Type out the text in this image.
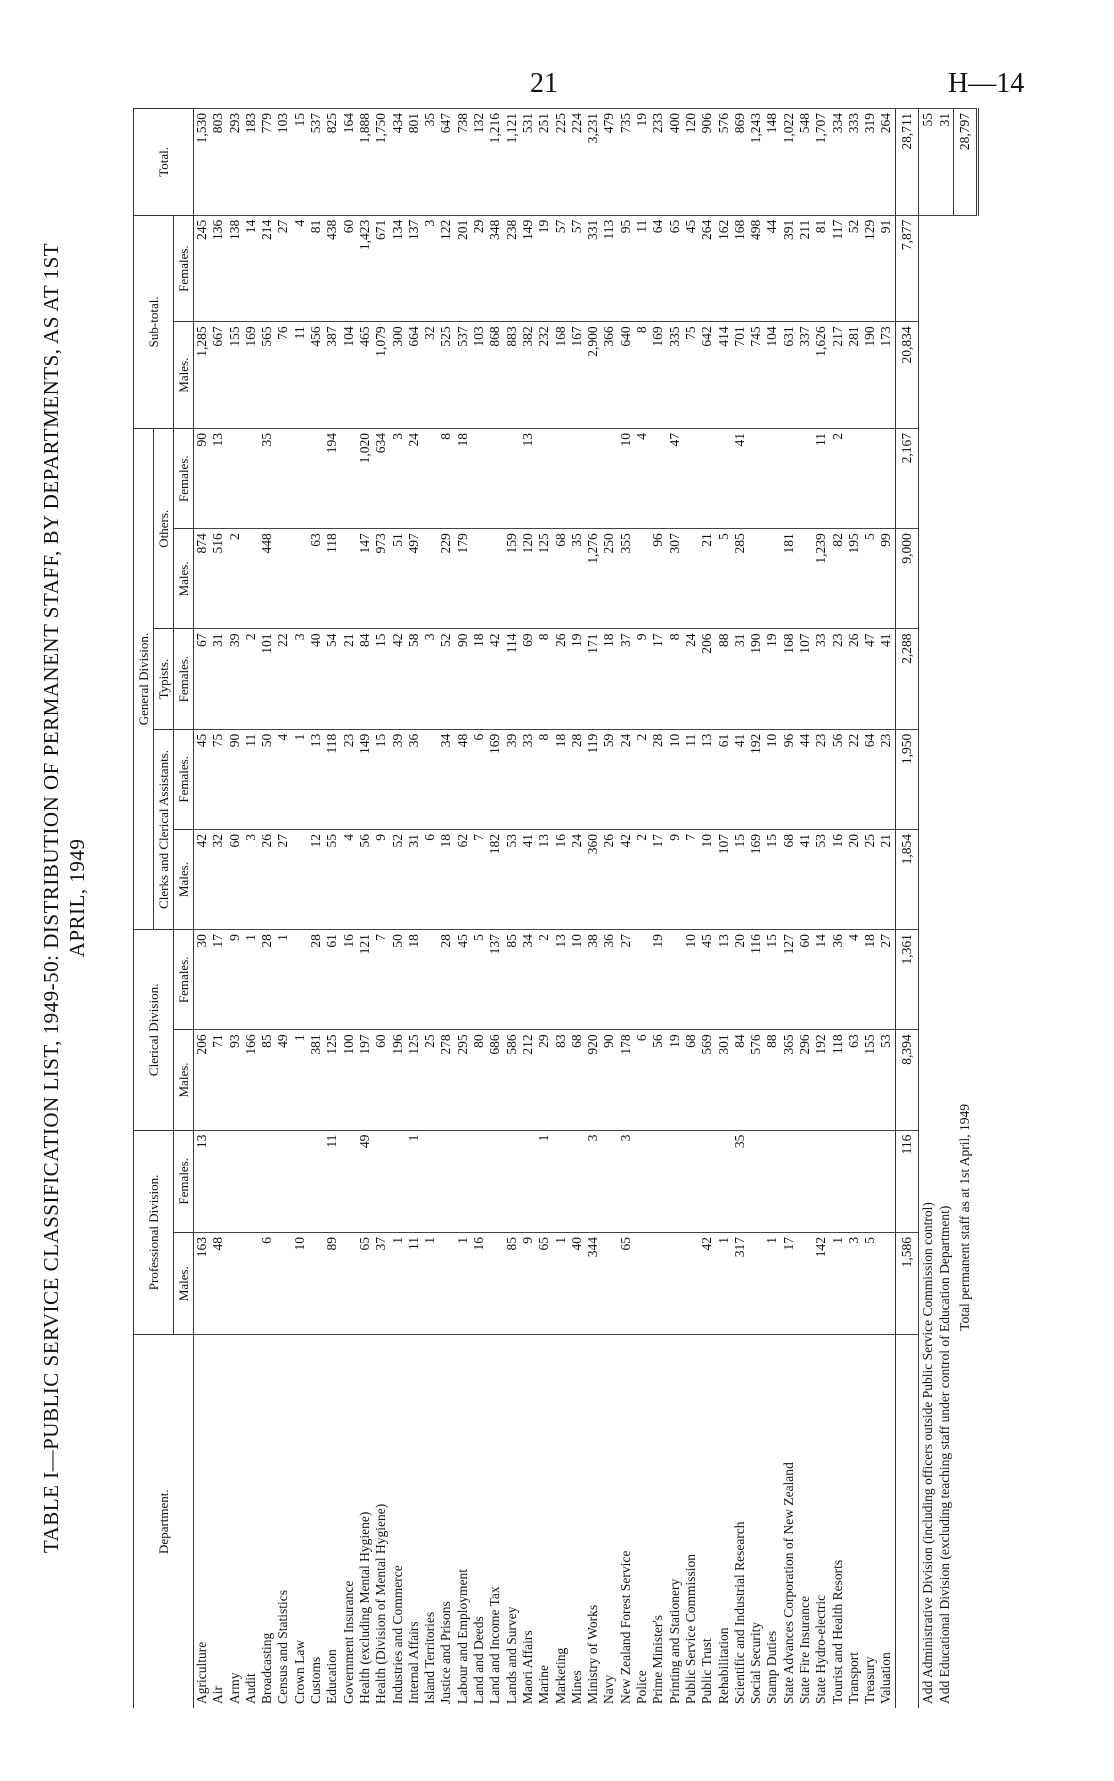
21	H—14
TABLE I—PUBLIC SERVICE CLASSIFICATION LIST, 1949-50: DISTRIBUTION OF PERMANENT STAFF, BY DEPARTMENTS, AS AT 1ST APRIL, 1949
Department.	Professional Division.		Clerical Division.		General Division.					Sub-total.		Total.
					Clerks and Clerical Assistants.		Typists.	Others.				
	Males.	Females.	Males.	Females.	Males.	Females.	Females.	Males.	Females.	Males.	Females.	
Agriculture	163	13	206	30	42	45	67	874	90	1,285	245	1,530
Air	48		71	17	32	75	31	516	13	667	136	803
Army			93	9	60	90	39	2		155	138	293
Audit			166	1	3	11	2			169	14	183
Broadcasting	6		85	28	26	50	101	448	35	565	214	779
Census and Statistics			49	1	27	4	22			76	27	103
Crown Law	10		1			1	3			11	4	15
Customs			381	28	12	13	40	63		456	81	537
Education	89	11	125	61	55	118	54	118	194	387	438	825
Government Insurance			100	16	4	23	21			104	60	164
Health (excluding Mental Hygiene)	65	49	197	121	56	149	84	147	1,020	465	1,423	1,888
Health (Division of Mental Hygiene)	37		60	7	9	15	15	973	634	1,079	671	1,750
Industries and Commerce	1		196	50	52	39	42	51	3	300	134	434
Internal Affairs	11	1	125	18	31	36	58	497	24	664	137	801
Island Territories	1		25		6		3			32	3	35
Justice and Prisons			278	28	18	34	52	229	8	525	122	647
Labour and Employment	1		295	45	62	48	90	179	18	537	201	738
Land and Deeds	16		80	5	7	6	18			103	29	132
Land and Income Tax			686	137	182	169	42			868	348	1,216
Lands and Survey	85		586	85	53	39	114	159		883	238	1,121
Maori Affairs	9		212	34	41	33	69	120	13	382	149	531
Marine	65	1	29	2	13	8	8	125		232	19	251
Marketing	1		83	13	16	18	26	68		168	57	225
Mines	40		68	10	24	28	19	35		167	57	224
Ministry of Works	344	3	920	38	360	119	171	1,276		2,900	331	3,231
Navy			90	36	26	59	18	250		366	113	479
New Zealand Forest Service	65	3	178	27	42	24	37	355	10	640	95	735
Police			6		2	2	9		4	8	11	19
Prime Minister's			56	19	17	28	17	96		169	64	233
Printing and Stationery			19		9	10	8	307	47	335	65	400
Public Service Commission			68	10	7	11	24			75	45	120
Public Trust	42		569	45	10	13	206	21		642	264	906
Rehabilitation	1		301	13	107	61	88	5		414	162	576
Scientific and Industrial Research	317	35	84	20	15	41	31	285	41	701	168	869
Social Security			576	116	169	192	190			745	498	1,243
Stamp Duties	1		88	15	15	10	19			104	44	148
State Advances Corporation of New Zealand	17		365	127	68	96	168	181		631	391	1,022
State Fire Insurance			296	60	41	44	107			337	211	548
State Hydro-electric	142		192	14	53	23	33	1,239	11	1,626	81	1,707
Tourist and Health Resorts	1		118	36	16	56	23	82	2	217	117	334
Transport	3		63	4	20	22	26	195		281	52	333
Treasury	5		155	18	25	64	47	5		190	129	319
Valuation			53	27	21	23	41	99		173	91	264
	1,586	116	8,394	1,361	1,854	1,950	2,288	9,000	2,167	20,834	7,877	28,711
Add Administrative Division (including officers outside Public Service Commission control)												55
Add Educational Division (excluding teaching staff under control of Education Department)												31
	Total permanent staff as at 1st April, 1949											28,797
